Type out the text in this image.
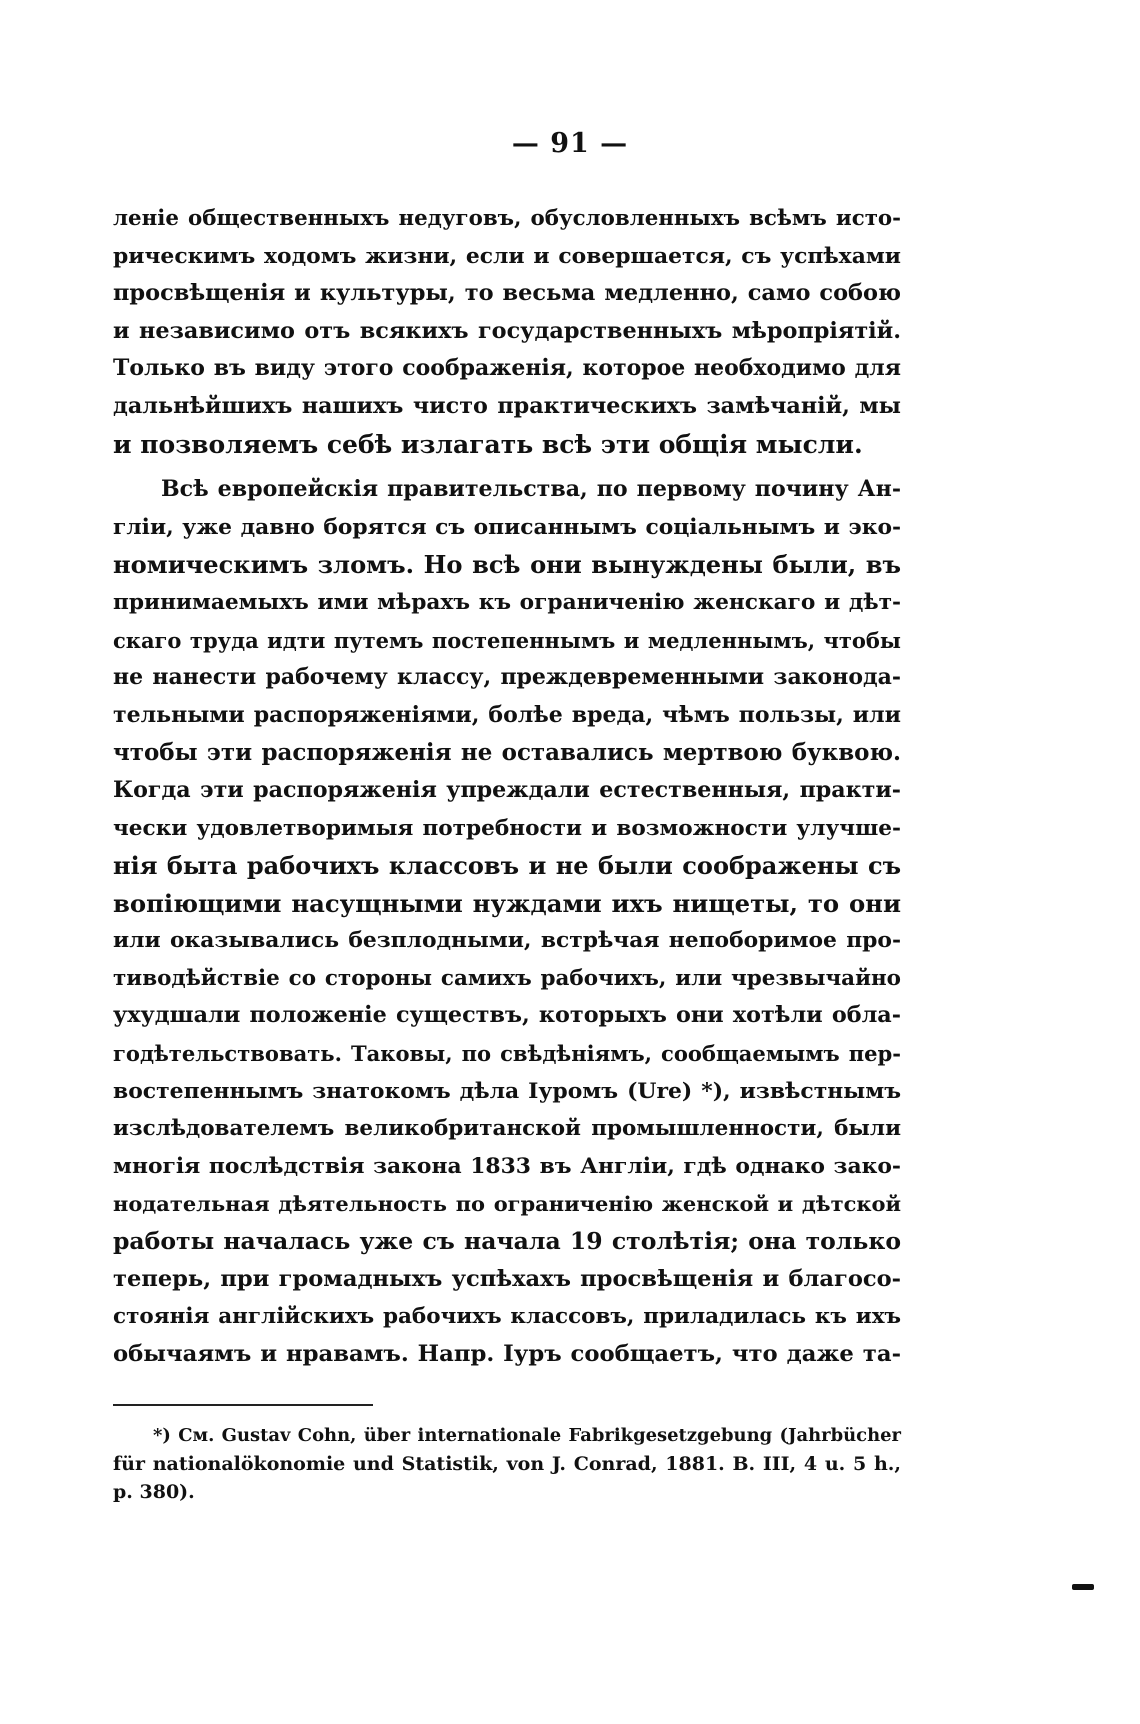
— 91 —
леніе общественныхъ недуговъ, обусловленныхъ всѣмъ исто-
рическимъ ходомъ жизни, если и совершается, съ успѣхами
просвѣщенія и культуры, то весьма медленно, само собою
и независимо отъ всякихъ государственныхъ мѣропріятій.
Только въ виду этого соображенія, которое необходимо для
дальнѣйшихъ нашихъ чисто практическихъ замѣчаній, мы
и позволяемъ себѣ излагать всѣ эти общія мысли.
Всѣ европейскія правительства, по первому почину Ан-
гліи, уже давно борятся съ описаннымъ соціальнымъ и эко-
номическимъ зломъ. Но всѣ они вынуждены были, въ
принимаемыхъ ими мѣрахъ къ ограниченію женскаго и дѣт-
скаго труда идти путемъ постепеннымъ и медленнымъ, чтобы
не нанести рабочему классу, преждевременными законода-
тельными распоряженіями, болѣе вреда, чѣмъ пользы, или
чтобы эти распоряженія не оставались мертвою буквою.
Когда эти распоряженія упреждали естественныя, практи-
чески удовлетворимыя потребности и возможности улучше-
нія быта рабочихъ классовъ и не были соображены съ
вопіющими насущными нуждами ихъ нищеты, то они
или оказывались безплодными, встрѣчая непоборимое про-
тиводѣйствіе со стороны самихъ рабочихъ, или чрезвычайно
ухудшали положеніе существъ, которыхъ они хотѣли обла-
годѣтельствовать. Таковы, по свѣдѣніямъ, сообщаемымъ пер-
востепеннымъ знатокомъ дѣла Іуромъ (Ure) *), извѣстнымъ
изслѣдователемъ великобританской промышленности, были
многія послѣдствія закона 1833 въ Англіи, гдѣ однако зако-
нодательная дѣятельность по ограниченію женской и дѣтской
работы началась уже съ начала 19 столѣтія; она только
теперь, при громадныхъ успѣхахъ просвѣщенія и благосо-
стоянія англійскихъ рабочихъ классовъ, приладилась къ ихъ
обычаямъ и нравамъ. Напр. Іуръ сообщаетъ, что даже та-
*) См. Gustav Cohn, über internationale Fabrikgesetzgebung (Jahrbücher
für nationalökonomie und Statistik, von J. Conrad, 1881. B. III, 4 u. 5 h.,
p. 380).
